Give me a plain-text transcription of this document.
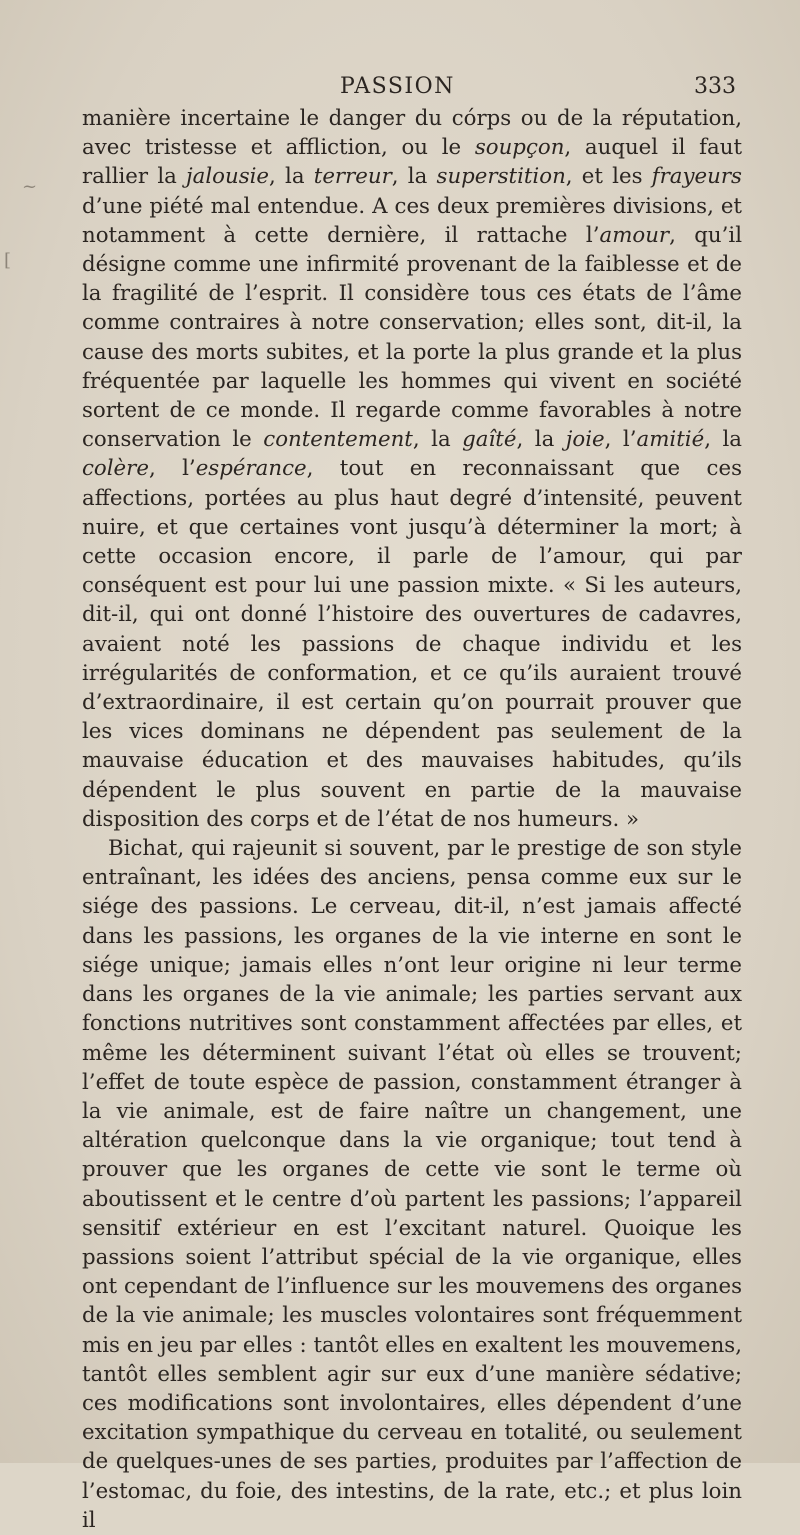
PASSION	333
~
[

manière incertaine le danger du córps ou de la réputation, avec tristesse et affliction, ou le soupçon, auquel il faut rallier la jalousie, la terreur, la superstition, et les frayeurs d’une piété mal entendue. A ces deux premières divisions, et notamment à cette dernière, il rattache l’amour, qu’il désigne comme une infirmité provenant de la faiblesse et de la fragilité de l’esprit. Il considère tous ces états de l’âme comme contraires à notre conservation; elles sont, dit-il, la cause des morts subites, et la porte la plus grande et la plus fréquentée par laquelle les hommes qui vivent en société sortent de ce monde. Il regarde comme favorables à notre conservation le contentement, la gaîté, la joie, l’amitié, la colère, l’espérance, tout en reconnaissant que ces affections, portées au plus haut degré d’intensité, peuvent nuire, et que certaines vont jusqu’à déterminer la mort; à cette occasion encore, il parle de l’amour, qui par conséquent est pour lui une passion mixte. « Si les auteurs, dit-il, qui ont donné l’histoire des ouvertures de cadavres, avaient noté les passions de chaque individu et les irrégularités de conformation, et ce qu’ils auraient trouvé d’extraordinaire, il est certain qu’on pourrait prouver que les vices dominans ne dépendent pas seulement de la mauvaise éducation et des mauvaises habitudes, qu’ils dépendent le plus souvent en partie de la mauvaise disposition des corps et de l’état de nos humeurs. »

Bichat, qui rajeunit si souvent, par le prestige de son style entraînant, les idées des anciens, pensa comme eux sur le siége des passions. Le cerveau, dit-il, n’est jamais affecté dans les passions, les organes de la vie interne en sont le siége unique; jamais elles n’ont leur origine ni leur terme dans les organes de la vie animale; les parties servant aux fonctions nutritives sont constamment affectées par elles, et même les déterminent suivant l’état où elles se trouvent; l’effet de toute espèce de passion, constamment étranger à la vie animale, est de faire naître un changement, une altération quelconque dans la vie organique; tout tend à prouver que les organes de cette vie sont le terme où aboutissent et le centre d’où partent les passions; l’appareil sensitif extérieur en est l’excitant naturel. Quoique les passions soient l’attribut spécial de la vie organique, elles ont cependant de l’influence sur les mouvemens des organes de la vie animale; les muscles volontaires sont fréquemment mis en jeu par elles : tantôt elles en exaltent les mouvemens, tantôt elles semblent agir sur eux d’une manière sédative; ces modifications sont involontaires, elles dépendent d’une excitation sympathique du cerveau en totalité, ou seulement de quelques-unes de ses parties, produites par l’affection de l’estomac, du foie, des intestins, de la rate, etc.; et plus loin il
